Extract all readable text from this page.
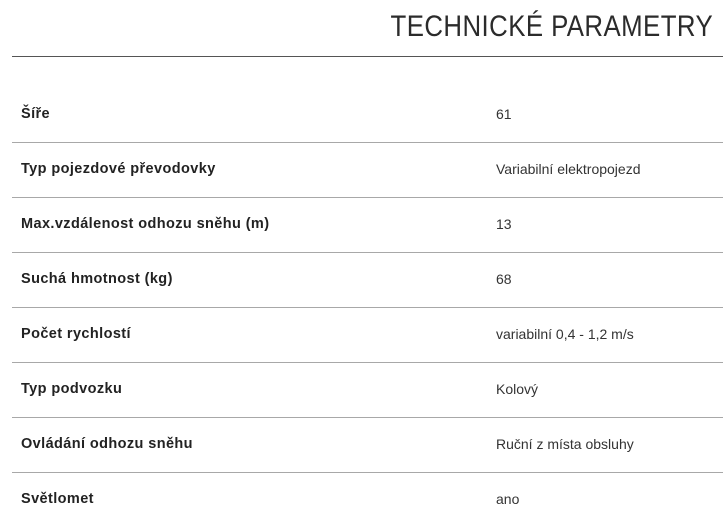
TECHNICKÉ PARAMETRY
Šíře	61
Typ pojezdové převodovky	Variabilní elektropojezd
Max.vzdálenost odhozu sněhu (m)	13
Suchá hmotnost (kg)	68
Počet rychlostí	variabilní 0,4 - 1,2 m/s
Typ podvozku	Kolový
Ovládání odhozu sněhu	Ruční z místa obsluhy
Světlomet	ano
